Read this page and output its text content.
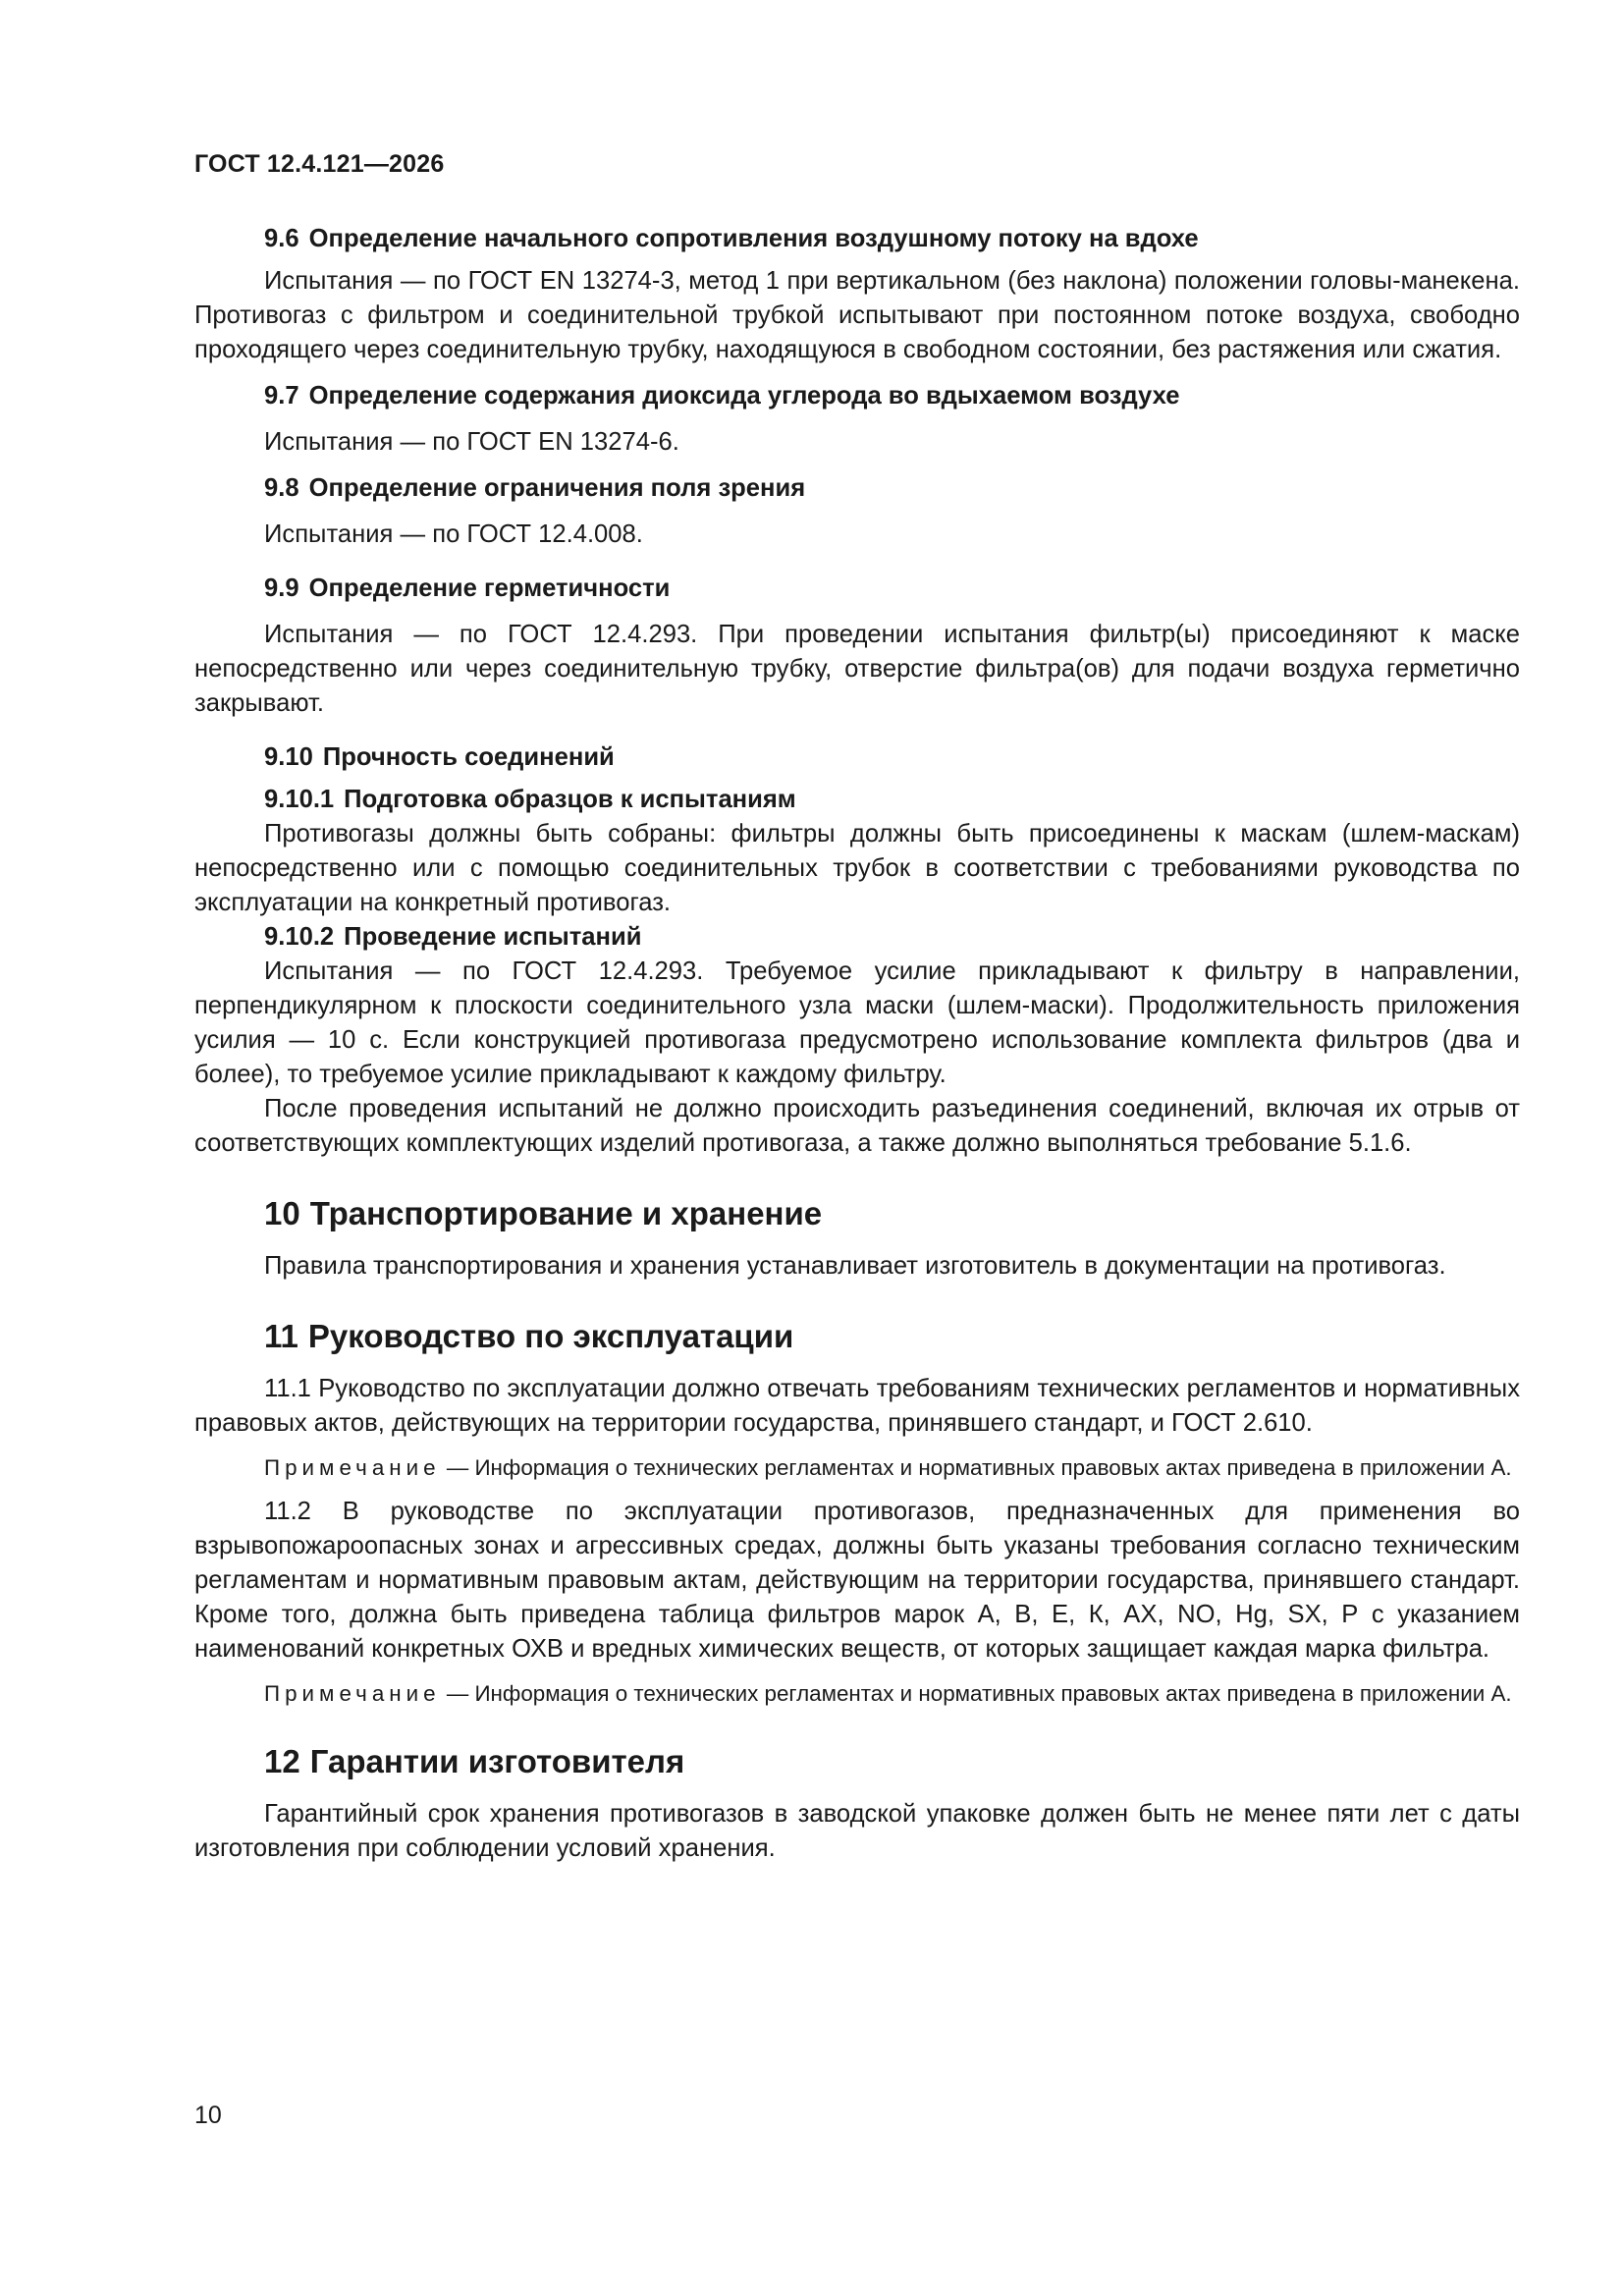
ГОСТ 12.4.121—2026
9.6 Определение начального сопротивления воздушному потоку на вдохе

Испытания — по ГОСТ EN 13274-3, метод 1 при вертикальном (без наклона) положении головы-манекена. Противогаз с фильтром и соединительной трубкой испытывают при постоянном потоке воздуха, свободно проходящего через соединительную трубку, находящуюся в свободном состоянии, без растяжения или сжатия.

9.7 Определение содержания диоксида углерода во вдыхаемом воздухе

Испытания — по ГОСТ EN 13274-6.

9.8 Определение ограничения поля зрения

Испытания — по ГОСТ 12.4.008.

9.9 Определение герметичности

Испытания — по ГОСТ 12.4.293. При проведении испытания фильтр(ы) присоединяют к маске непосредственно или через соединительную трубку, отверстие фильтра(ов) для подачи воздуха герметично закрывают.

9.10 Прочность соединений
9.10.1 Подготовка образцов к испытаниям

Противогазы должны быть собраны: фильтры должны быть присоединены к маскам (шлем-маскам) непосредственно или с помощью соединительных трубок в соответствии с требованиями руководства по эксплуатации на конкретный противогаз.

9.10.2 Проведение испытаний

Испытания — по ГОСТ 12.4.293. Требуемое усилие прикладывают к фильтру в направлении, перпендикулярном к плоскости соединительного узла маски (шлем-маски). Продолжительность приложения усилия — 10 с. Если конструкцией противогаза предусмотрено использование комплекта фильтров (два и более), то требуемое усилие прикладывают к каждому фильтру.

После проведения испытаний не должно происходить разъединения соединений, включая их отрыв от соответствующих комплектующих изделий противогаза, а также должно выполняться требование 5.1.6.

10 Транспортирование и хранение

Правила транспортирования и хранения устанавливает изготовитель в документации на противогаз.

11 Руководство по эксплуатации

11.1 Руководство по эксплуатации должно отвечать требованиям технических регламентов и нормативных правовых актов, действующих на территории государства, принявшего стандарт, и ГОСТ 2.610.

Примечание — Информация о технических регламентах и нормативных правовых актах приведена в приложении А.

11.2 В руководстве по эксплуатации противогазов, предназначенных для применения во взрывопожароопасных зонах и агрессивных средах, должны быть указаны требования согласно техническим регламентам и нормативным правовым актам, действующим на территории государства, принявшего стандарт. Кроме того, должна быть приведена таблица фильтров марок А, В, Е, К, АХ, NO, Hg, SX, Р с указанием наименований конкретных ОХВ и вредных химических веществ, от которых защищает каждая марка фильтра.

Примечание — Информация о технических регламентах и нормативных правовых актах приведена в приложении А.

12 Гарантии изготовителя

Гарантийный срок хранения противогазов в заводской упаковке должен быть не менее пяти лет с даты изготовления при соблюдении условий хранения.

10
